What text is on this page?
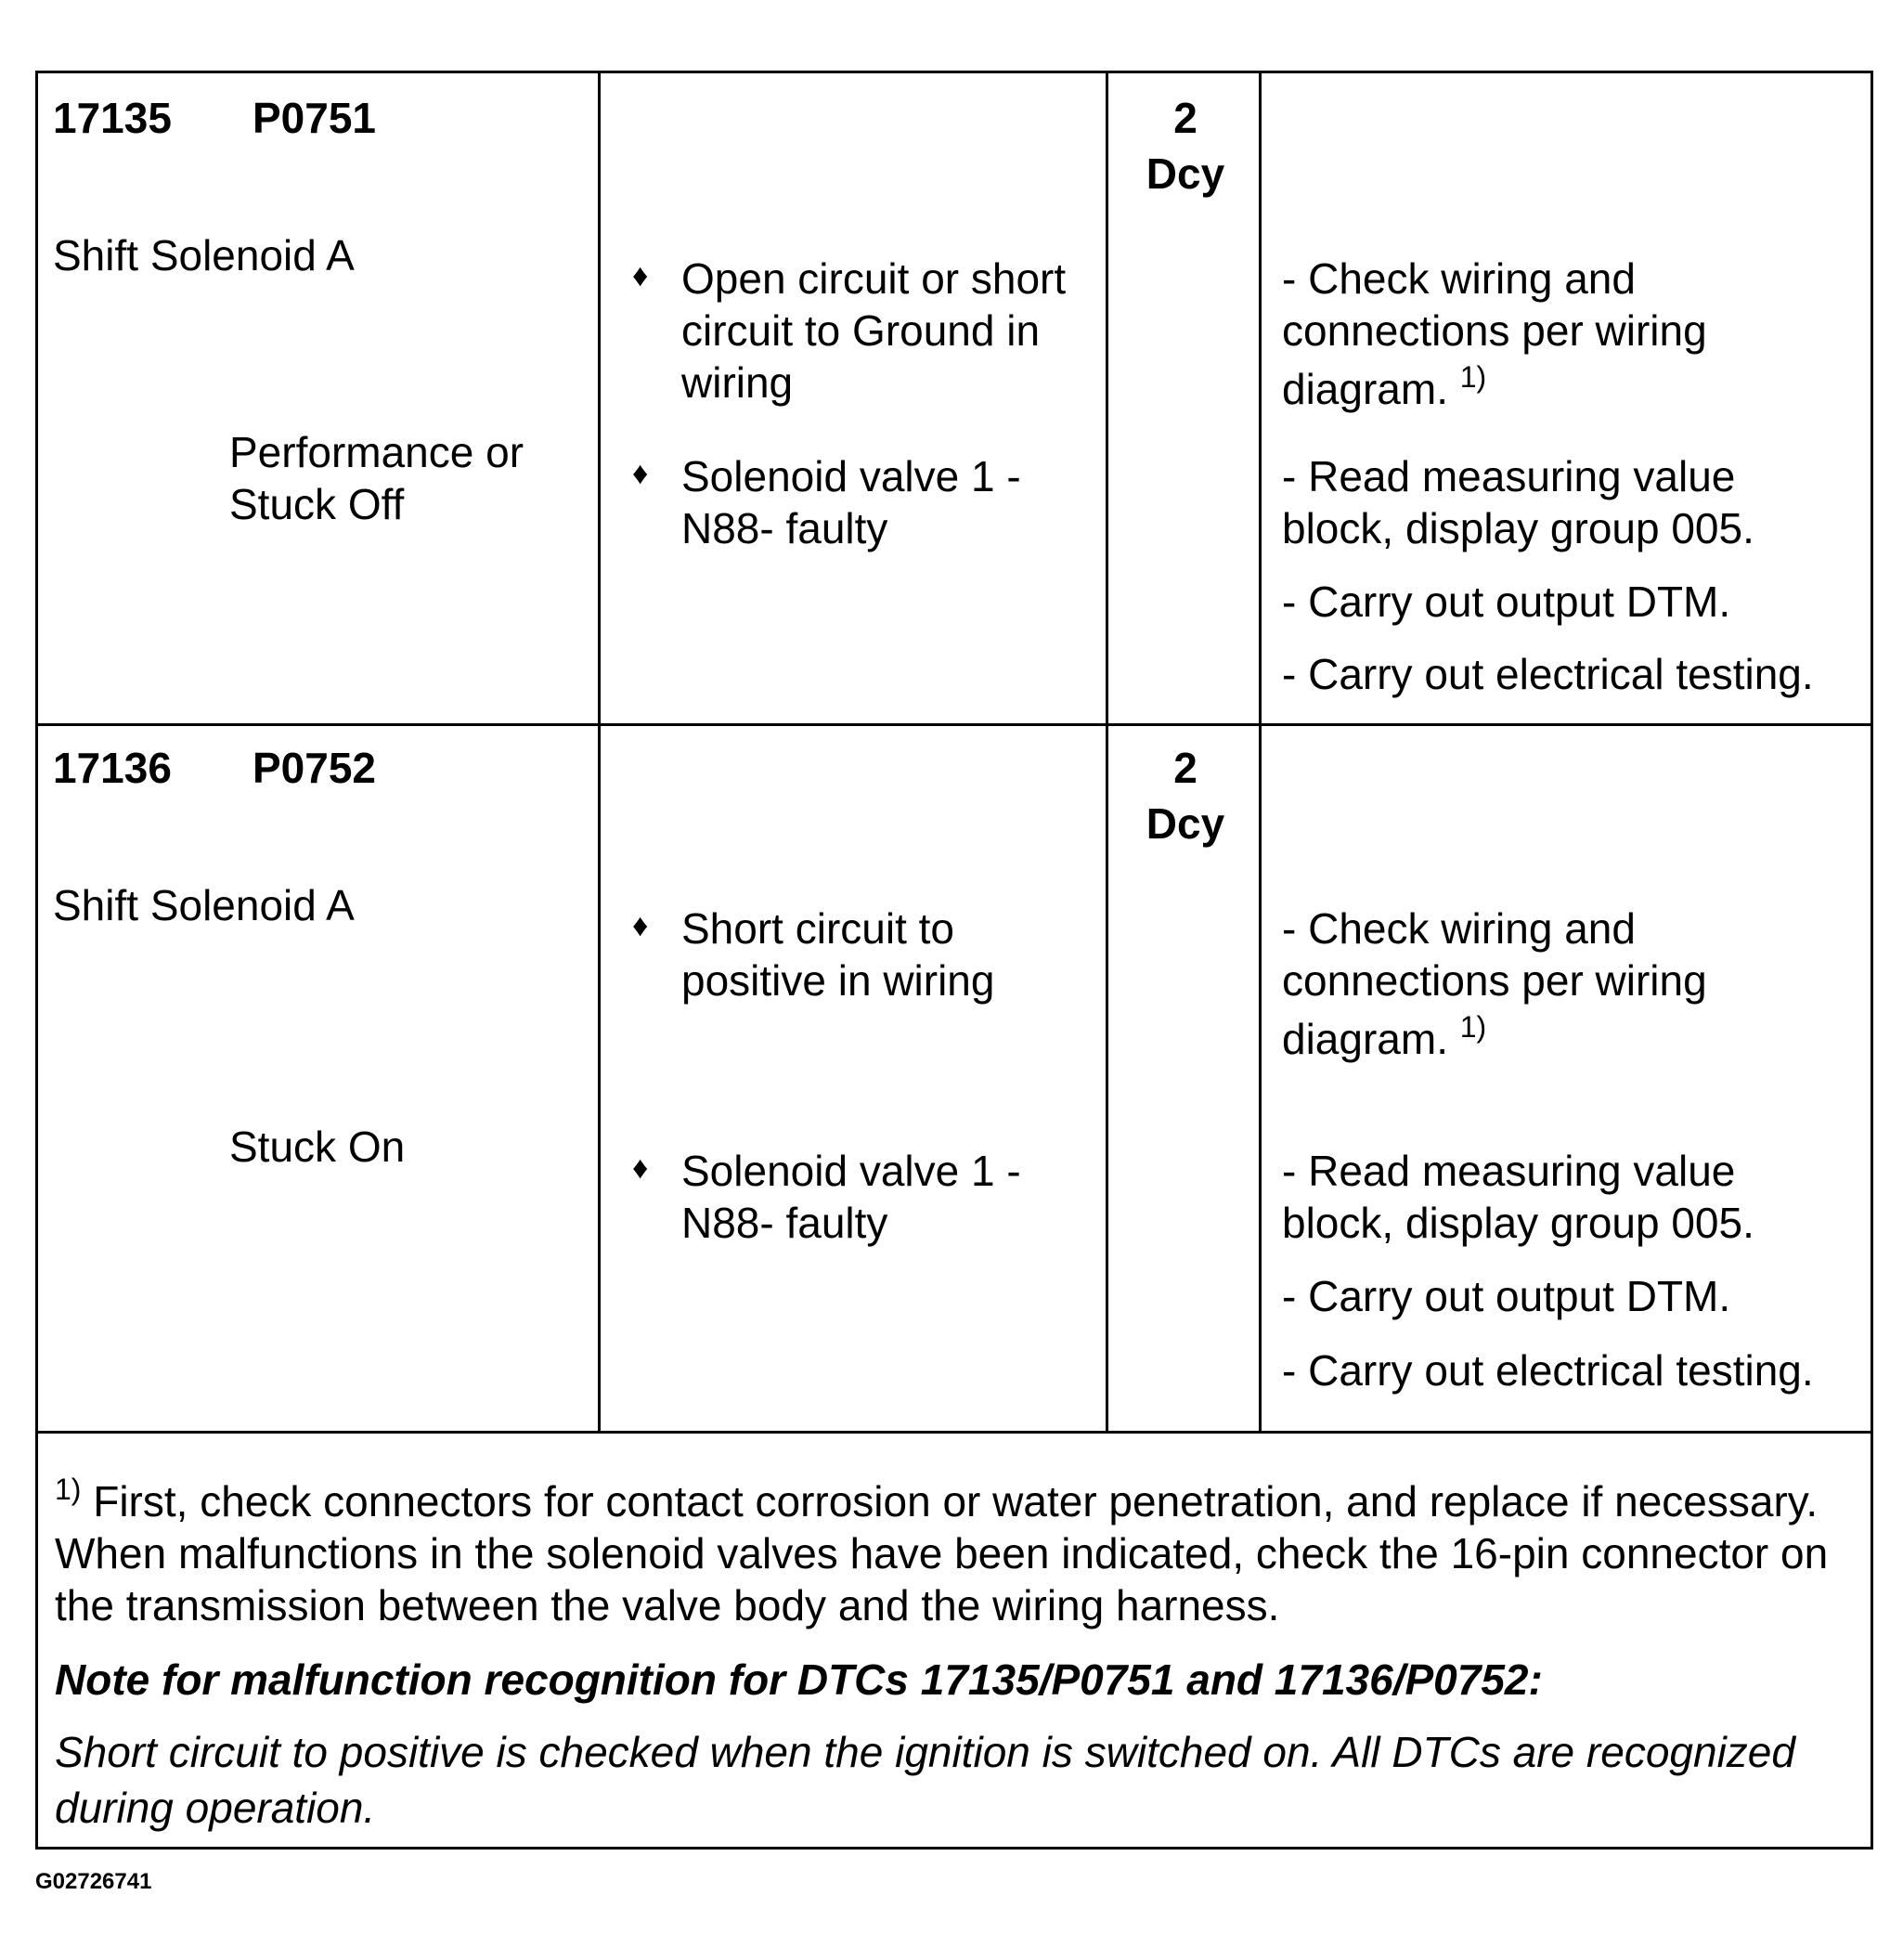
17135 P0751
Shift Solenoid A
Performance or
Stuck Off
2
Dcy
♦ Open circuit or short
circuit to Ground in
wiring
♦ Solenoid valve 1 -
N88- faulty
- Check wiring and
connections per wiring
diagram. $^{1)}$
- Read measuring value
block, display group 005.
- Carry out output DTM.
- Carry out electrical testing.
17136 P0752
Shift Solenoid A
Stuck On
2
Dcy
♦ Short circuit to
positive in wiring
♦ Solenoid valve 1 -
N88- faulty
- Check wiring and
connections per wiring
diagram. $^{1)}$
- Read measuring value
block, display group 005.
- Carry out output DTM.
- Carry out electrical testing.
$^{1)}$ First, check connectors for contact corrosion or water penetration, and replace if necessary. When malfunctions in the solenoid valves have been indicated, check the 16-pin connector on the transmission between the valve body and the wiring harness.
Note for malfunction recognition for DTCs 17135/P0751 and 17136/P0752:
Short circuit to positive is checked when the ignition is switched on. All DTCs are recognized during operation.
G02726741
